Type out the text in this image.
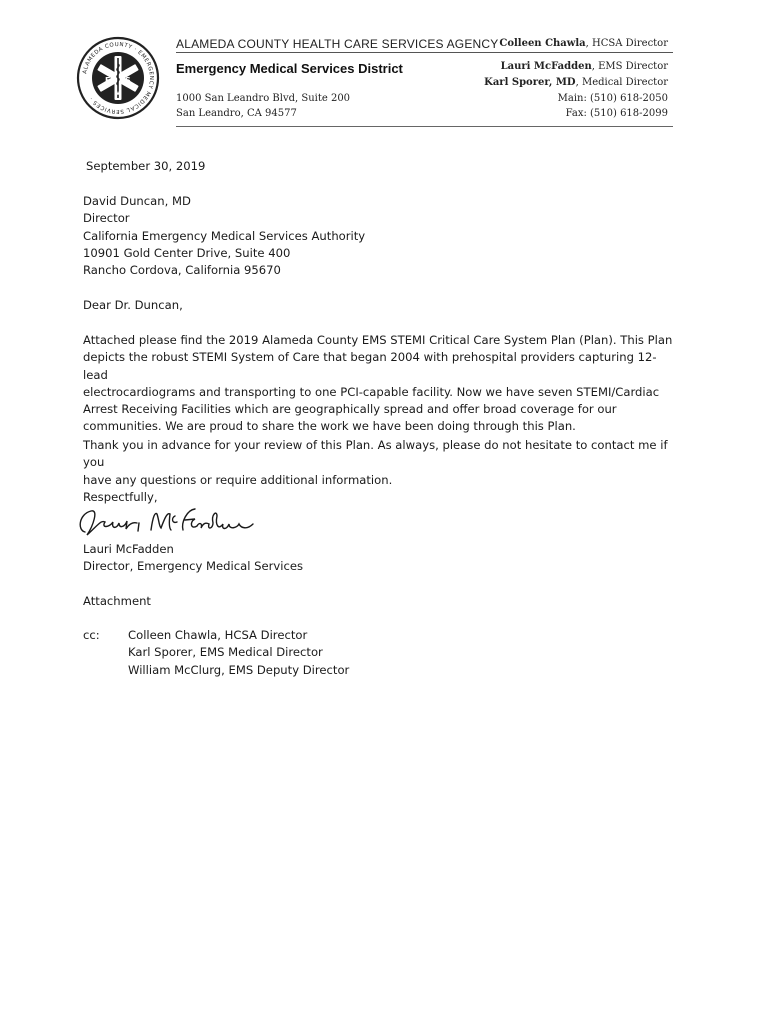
ALAMEDA COUNTY · EMERGENCY MEDICAL SERVICES ·
E
M
S
ALAMEDA COUNTY HEALTH CARE SERVICES AGENCY
Emergency Medical Services District
1000 San Leandro Blvd, Suite 200
San Leandro, CA 94577
Colleen Chawla, HCSA Director
Lauri McFadden, EMS Director
Karl Sporer, MD, Medical Director
Main: (510) 618-2050
Fax: (510) 618-2099
September 30, 2019

David Duncan, MD

Director

California Emergency Medical Services Authority

10901 Gold Center Drive, Suite 400

Rancho Cordova, California 95670

Dear Dr. Duncan,

Attached please find the 2019 Alameda County EMS STEMI Critical Care System Plan (Plan). This Plan

depicts the robust STEMI System of Care that began 2004 with prehospital providers capturing 12-lead

electrocardiograms and transporting to one PCI-capable facility. Now we have seven STEMI/Cardiac

Arrest Receiving Facilities which are geographically spread and offer broad coverage for our

communities. We are proud to share the work we have been doing through this Plan.

Thank you in advance for your review of this Plan. As always, please do not hesitate to contact me if you

have any questions or require additional information.

Respectfully,

Lauri McFadden

Director, Emergency Medical Services

Attachment

cc: Colleen Chawla, HCSA Director

Karl Sporer, EMS Medical Director

William McClurg, EMS Deputy Director
